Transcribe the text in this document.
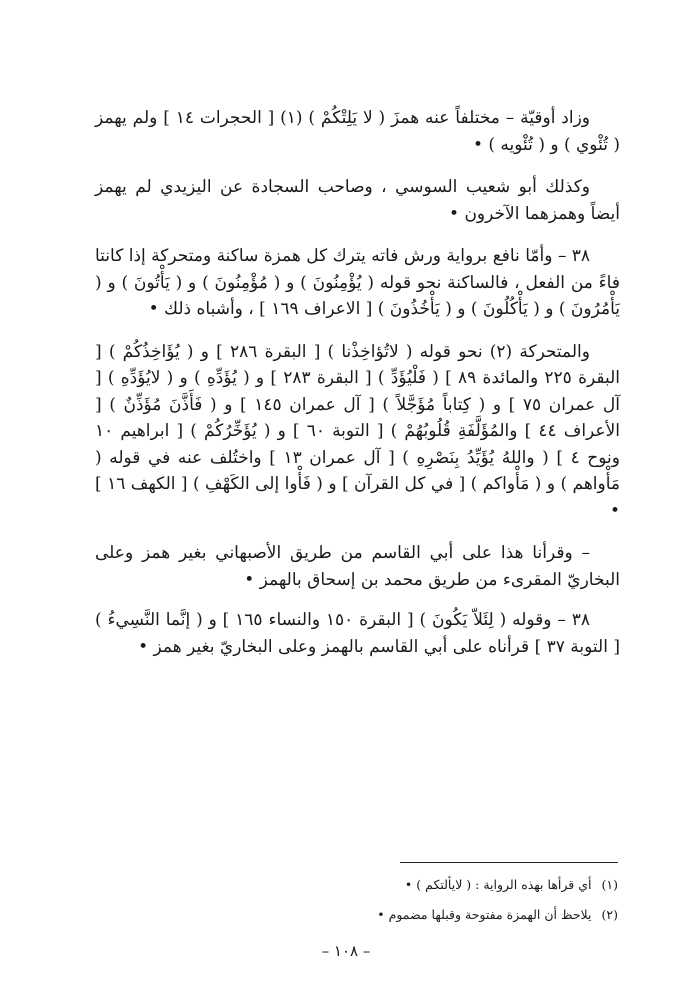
وزاد أوقيّة – مختلفاً عنه همزَ ( لا يَلِتْكُمْ ) (١) [ الحجرات ١٤ ] ولم يهمز ( تُئْوي ) و ( تُئْويه ) •

وكذلك أبو شعيب السوسي ، وصاحب السجادة عن اليزيدي لم يهمز أيضاً وهمزهما الآخرون •

٣٨ – وأمّا نافع برواية ورش فاته يترك كل همزة ساكنة ومتحركة إذا كانتا فاءً من الفعل ، فالساكنة نحو قوله ( يُؤْمِنُونَ ) و ( مُؤْمِنُونَ ) و ( يَأْتُونَ ) و ( يَأْمُرُونَ ) و ( يَأْكُلُونَ ) و ( يَأْخُذُونَ ) [ الاعراف ١٦٩ ] ، وأشباه ذلك •

والمتحركة (٢) نحو قوله ( لاتُؤاخِذْنا ) [ البقرة ٢٨٦ ] و ( يُؤَاخِذُكُمْ ) [ البقرة ٢٢٥ والمائدة ٨٩ ] ( فَلْيُؤَدِّ ) [ البقرة ٢٨٣ ] و ( يُؤَدِّهِ ) و ( لايُؤَدِّهِ ) [ آل عمران ٧٥ ] و ( كِتاباً مُؤَجَّلاً ) [ آل عمران ١٤٥ ] و ( فَأَذَّنَ مُؤَذِّنٌ ) [ الأعراف ٤٤ ] والمُؤَلَّفَةِ قُلُوبُهُمْ ) [ التوبة ٦٠ ] و ( يُؤَخِّرُكُمْ ) [ ابراهيم ١٠ ونوح ٤ ] ( واللهُ يُؤَيِّدُ بِنَصْرِهِ ) [ آل عمران ١٣ ] واختُلف عنه في قوله ( مَأْواهم ) و ( مَأْواكم ) [ في كل القرآن ] و ( فَأْوا إلى الكَهْفِ ) [ الكهف ١٦ ] •

– وقرأنا هذا على أبي القاسم من طريق الأصبهاني بغير همز وعلى البخاريّ المقرىء من طريق محمد بن إسحاق بالهمز •

٣٨ – وقوله ( لِئَلاّ يَكُونَ ) [ البقرة ١٥٠ والنساء ١٦٥ ] و ( إنَّما النَّسِيءُ ) [ التوبة ٣٧ ] قرأناه على أبي القاسم بالهمز وعلى البخاريّ بغير همز •

(١)أي قرأها بهذه الرواية : ( لايألتكم ) •
(٢)يلاحظ أن الهمزة مفتوحة وقبلها مضموم •
– ١٠٨ –
